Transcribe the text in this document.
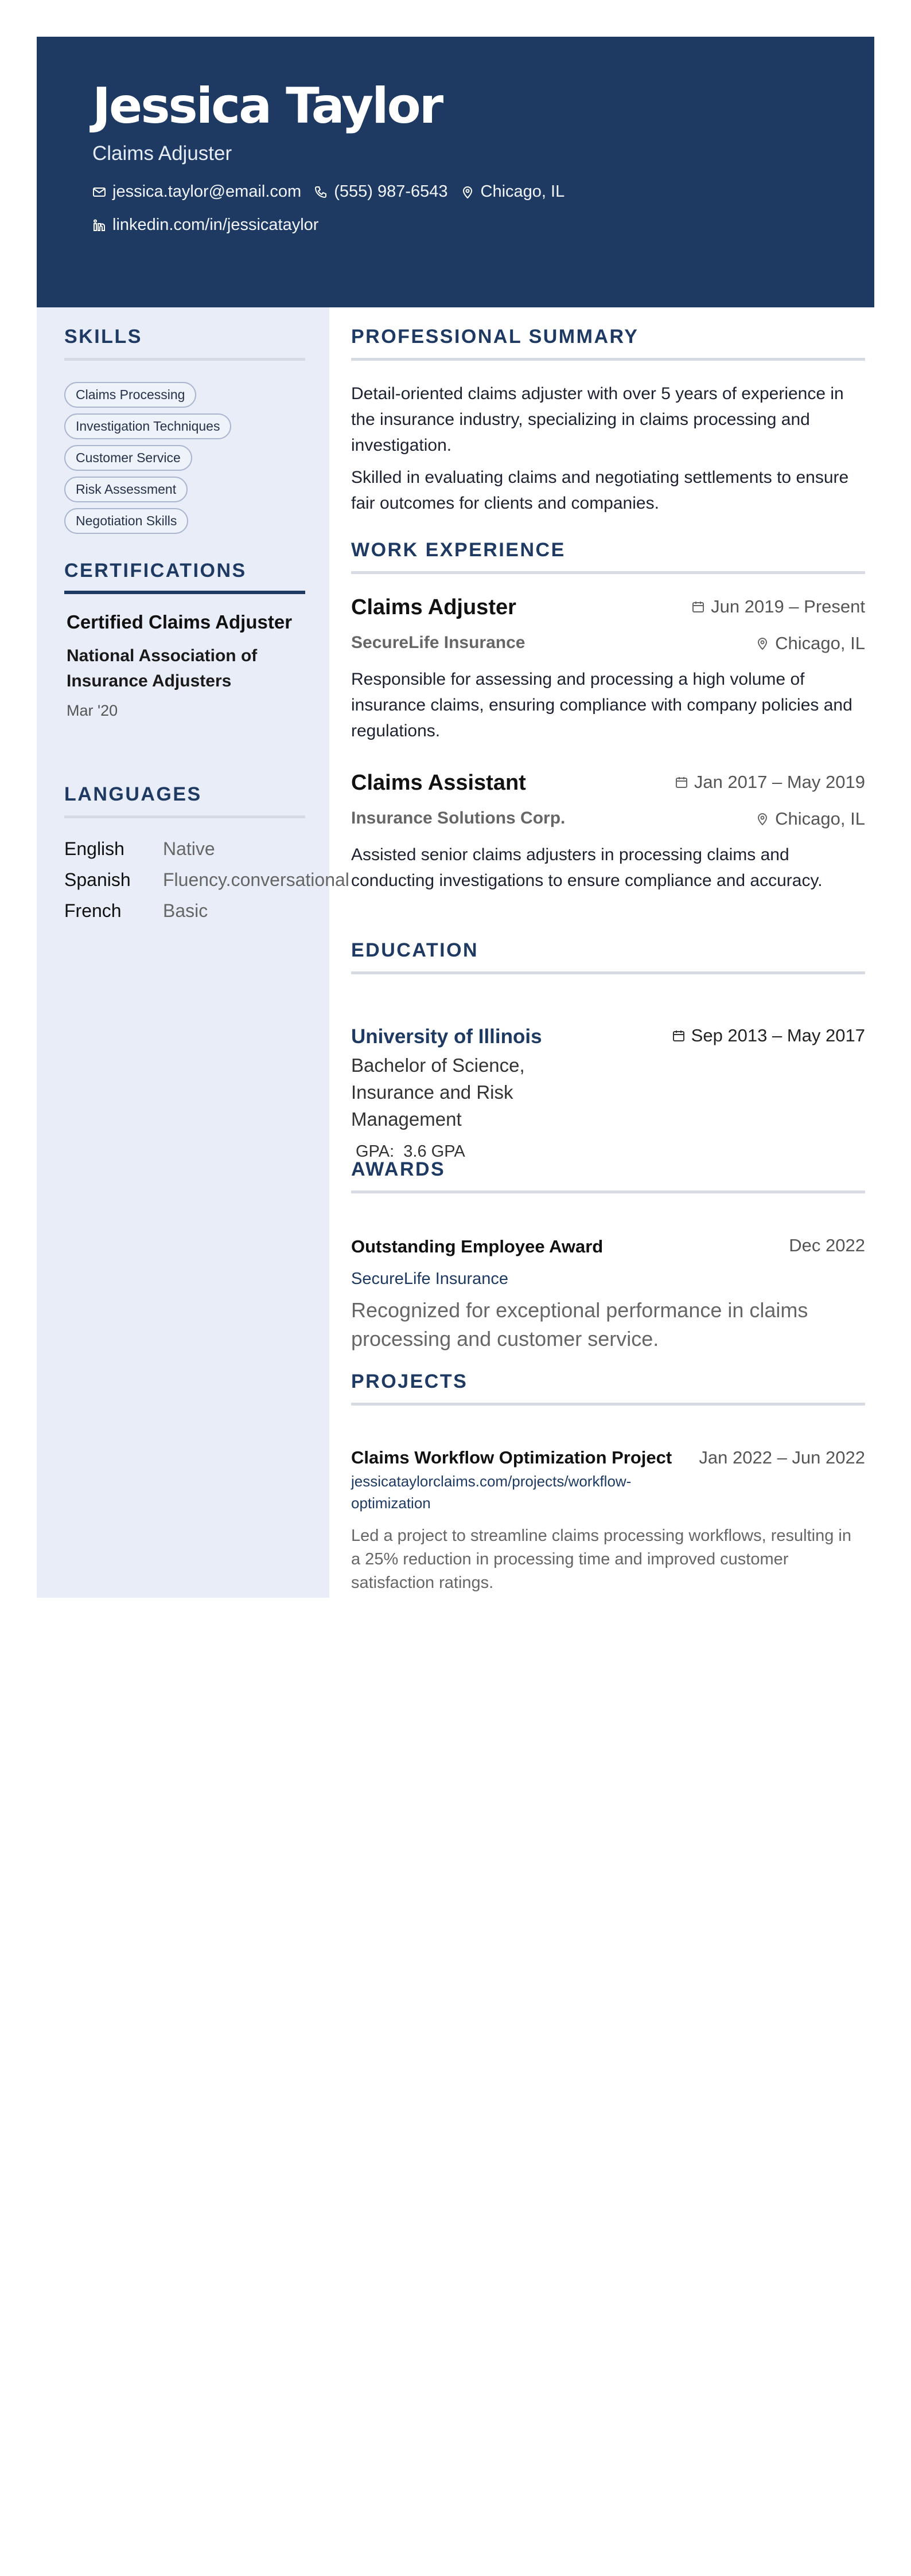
Jessica Taylor
Claims Adjuster
jessica.taylor@email.com (555) 987-6543 Chicago, IL
linkedin.com/in/jessicataylor
SKILLS
Claims Processing
Investigation Techniques
Customer Service
Risk Assessment
Negotiation Skills
CERTIFICATIONS
Certified Claims Adjuster
National Association of Insurance Adjusters
Mar '20
LANGUAGES
English Native
Spanish Fluency.conversational
French Basic
PROFESSIONAL SUMMARY
Detail-oriented claims adjuster with over 5 years of experience in the insurance industry, specializing in claims processing and investigation.
Skilled in evaluating claims and negotiating settlements to ensure fair outcomes for clients and companies.
WORK EXPERIENCE
Claims Adjuster	Jun 2019 – Present
SecureLife Insurance	Chicago, IL
Responsible for assessing and processing a high volume of insurance claims, ensuring compliance with company policies and regulations.
Claims Assistant	Jan 2017 – May 2019
Insurance Solutions Corp.	Chicago, IL
Assisted senior claims adjusters in processing claims and conducting investigations to ensure compliance and accuracy.
EDUCATION
University of Illinois	Sep 2013 – May 2017
Bachelor of Science, Insurance and Risk Management
GPA: 3.6 GPA
AWARDS
Outstanding Employee Award	Dec 2022
SecureLife Insurance
Recognized for exceptional performance in claims processing and customer service.
PROJECTS
Claims Workflow Optimization Project Jan 2022 – Jun 2022
jessicataylorclaims.com/projects/workflow-optimization
Led a project to streamline claims processing workflows, resulting in a 25% reduction in processing time and improved customer satisfaction ratings.
